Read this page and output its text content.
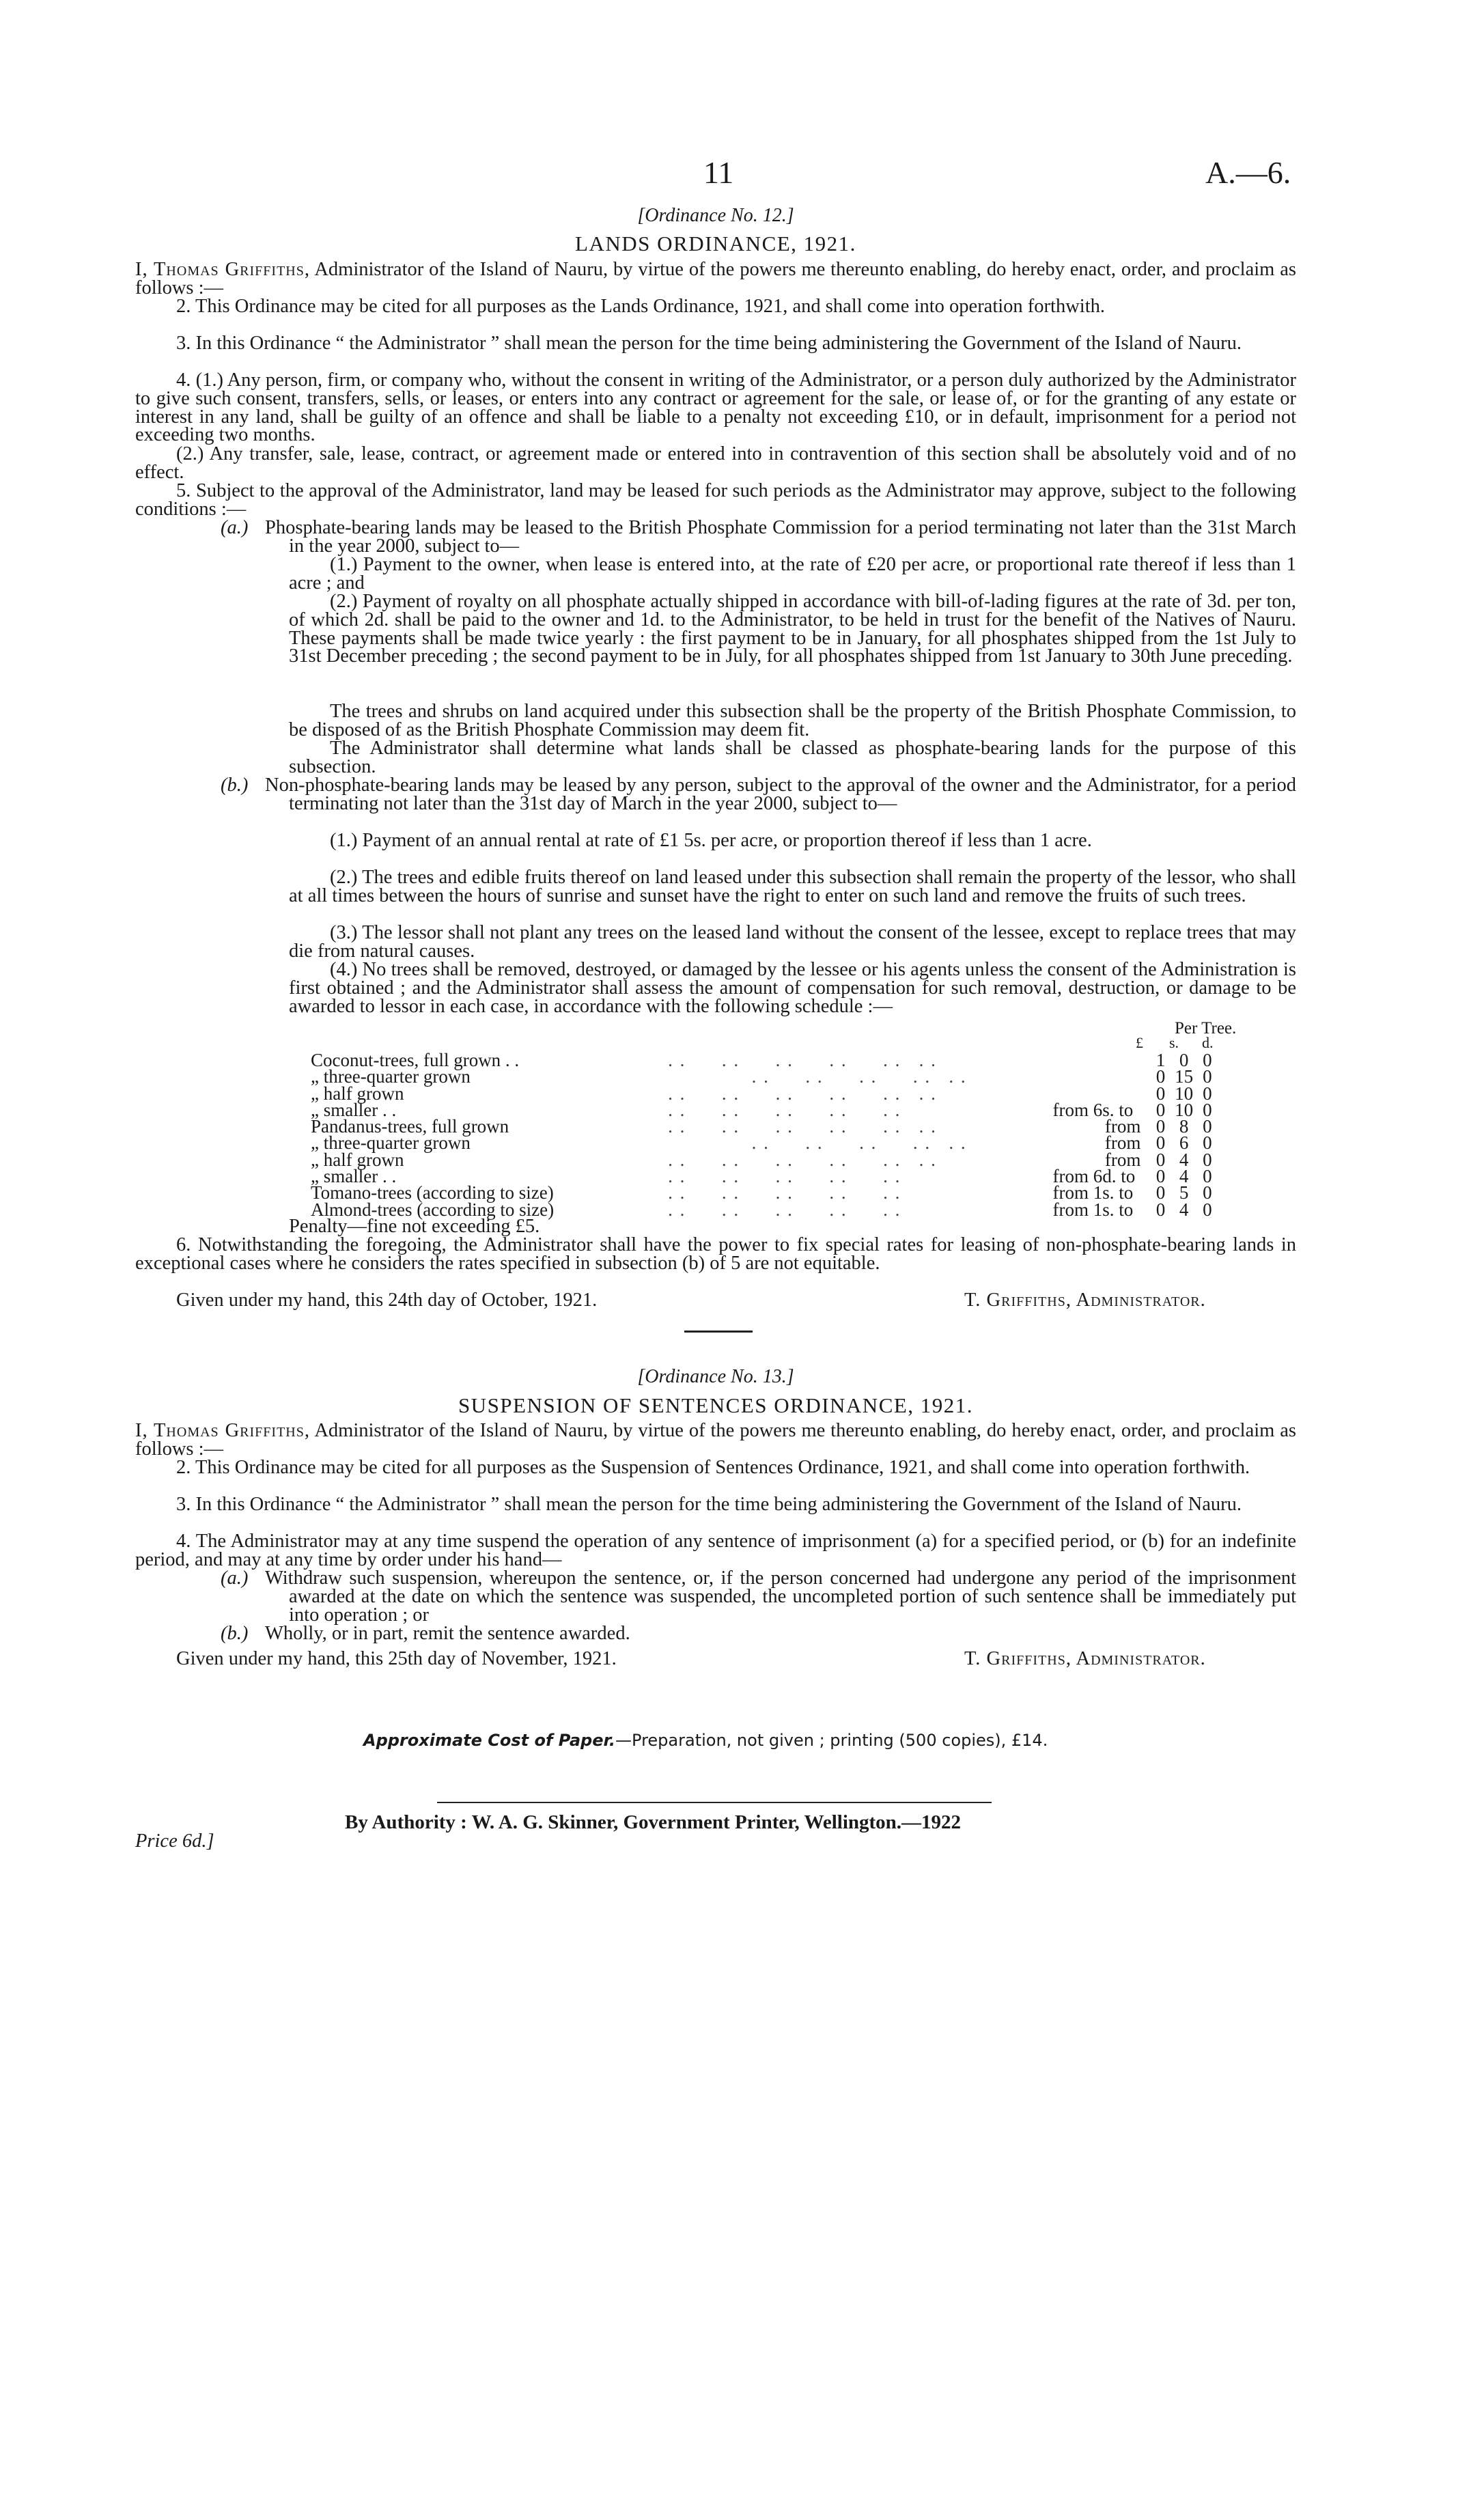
11	A.—6.
[Ordinance No. 12.]
LANDS ORDINANCE, 1921.

I, Thomas Griffiths, Administrator of the Island of Nauru, by virtue of the powers me thereunto enabling, do hereby enact, order, and proclaim as follows :—

2. This Ordinance may be cited for all purposes as the Lands Ordinance, 1921, and shall come into operation forthwith.

3. In this Ordinance “ the Administrator ” shall mean the person for the time being administering the Government of the Island of Nauru.

4. (1.) Any person, firm, or company who, without the consent in writing of the Administrator, or a person duly authorized by the Administrator to give such consent, transfers, sells, or leases, or enters into any contract or agreement for the sale, or lease of, or for the granting of any estate or interest in any land, shall be guilty of an offence and shall be liable to a penalty not exceeding £10, or in default, imprisonment for a period not exceeding two months.

(2.) Any transfer, sale, lease, contract, or agreement made or entered into in contravention of this section shall be absolutely void and of no effect.

5. Subject to the approval of the Administrator, land may be leased for such periods as the Administrator may approve, subject to the following conditions :—

(a.) Phosphate-bearing lands may be leased to the British Phosphate Commission for a period terminating not later than the 31st March in the year 2000, subject to—

(1.) Payment to the owner, when lease is entered into, at the rate of £20 per acre, or proportional rate thereof if less than 1 acre ; and

(2.) Payment of royalty on all phosphate actually shipped in accordance with bill-of-lading figures at the rate of 3d. per ton, of which 2d. shall be paid to the owner and 1d. to the Administrator, to be held in trust for the benefit of the Natives of Nauru. These payments shall be made twice yearly : the first payment to be in January, for all phosphates shipped from the 1st July to 31st December preceding ; the second payment to be in July, for all phosphates shipped from 1st January to 30th June preceding.

The trees and shrubs on land acquired under this subsection shall be the property of the British Phosphate Commission, to be disposed of as the British Phosphate Commission may deem fit.

The Administrator shall determine what lands shall be classed as phosphate-bearing lands for the purpose of this subsection.

(b.) Non-phosphate-bearing lands may be leased by any person, subject to the approval of the owner and the Administrator, for a period terminating not later than the 31st day of March in the year 2000, subject to—

(1.) Payment of an annual rental at rate of £1 5s. per acre, or proportion thereof if less than 1 acre.

(2.) The trees and edible fruits thereof on land leased under this subsection shall remain the property of the lessor, who shall at all times between the hours of sunrise and sunset have the right to enter on such land and remove the fruits of such trees.

(3.) The lessor shall not plant any trees on the leased land without the consent of the lessee, except to replace trees that may die from natural causes.

(4.) No trees shall be removed, destroyed, or damaged by the lessee or his agents unless the consent of the Administration is first obtained ; and the Administrator shall assess the amount of compensation for such removal, destruction, or damage to be awarded to lessor in each case, in accordance with the following schedule :—

Per Tree.
£ s. d.
Coconut-trees, full grown . .	. .      . .      . .      . .      . .   . .		1	0	0
„ three-quarter grown	. .      . .      . .      . .   . .		0	15	0
„ half grown	. .      . .      . .      . .      . .   . .		0	10	0
„ smaller . .	. .      . .      . .      . .      . .	from 6s. to	0	10	0
Pandanus-trees, full grown	. .      . .      . .      . .      . .   . .	from	0	8	0
„ three-quarter grown	. .      . .      . .      . .   . .	from	0	6	0
„ half grown	. .      . .      . .      . .      . .   . .	from	0	4	0
„ smaller . .	. .      . .      . .      . .      . .	from 6d. to	0	4	0
Tomano-trees (according to size)	. .      . .      . .      . .      . .	from 1s. to	0	5	0
Almond-trees (according to size)	. .      . .      . .      . .      . .	from 1s. to	0	4	0
Penalty—fine not exceeding £5.

6. Notwithstanding the foregoing, the Administrator shall have the power to fix special rates for leasing of non-phosphate-bearing lands in exceptional cases where he considers the rates specified in subsection (b) of 5 are not equitable.

Given under my hand, this 24th day of October, 1921.	T. Griffiths, Administrator.
[Ordinance No. 13.]
SUSPENSION OF SENTENCES ORDINANCE, 1921.

I, Thomas Griffiths, Administrator of the Island of Nauru, by virtue of the powers me thereunto enabling, do hereby enact, order, and proclaim as follows :—

2. This Ordinance may be cited for all purposes as the Suspension of Sentences Ordinance, 1921, and shall come into operation forthwith.

3. In this Ordinance “ the Administrator ” shall mean the person for the time being administering the Government of the Island of Nauru.

4. The Administrator may at any time suspend the operation of any sentence of imprisonment (a) for a specified period, or (b) for an indefinite period, and may at any time by order under his hand—

(a.) Withdraw such suspension, whereupon the sentence, or, if the person concerned had undergone any period of the imprisonment awarded at the date on which the sentence was suspended, the uncompleted portion of such sentence shall be immediately put into operation ; or

(b.) Wholly, or in part, remit the sentence awarded.

Given under my hand, this 25th day of November, 1921.	T. Griffiths, Administrator.
Approximate Cost of Paper.—Preparation, not given ; printing (500 copies), £14.
By Authority : W. A. G. Skinner, Government Printer, Wellington.—1922
Price 6d.]
